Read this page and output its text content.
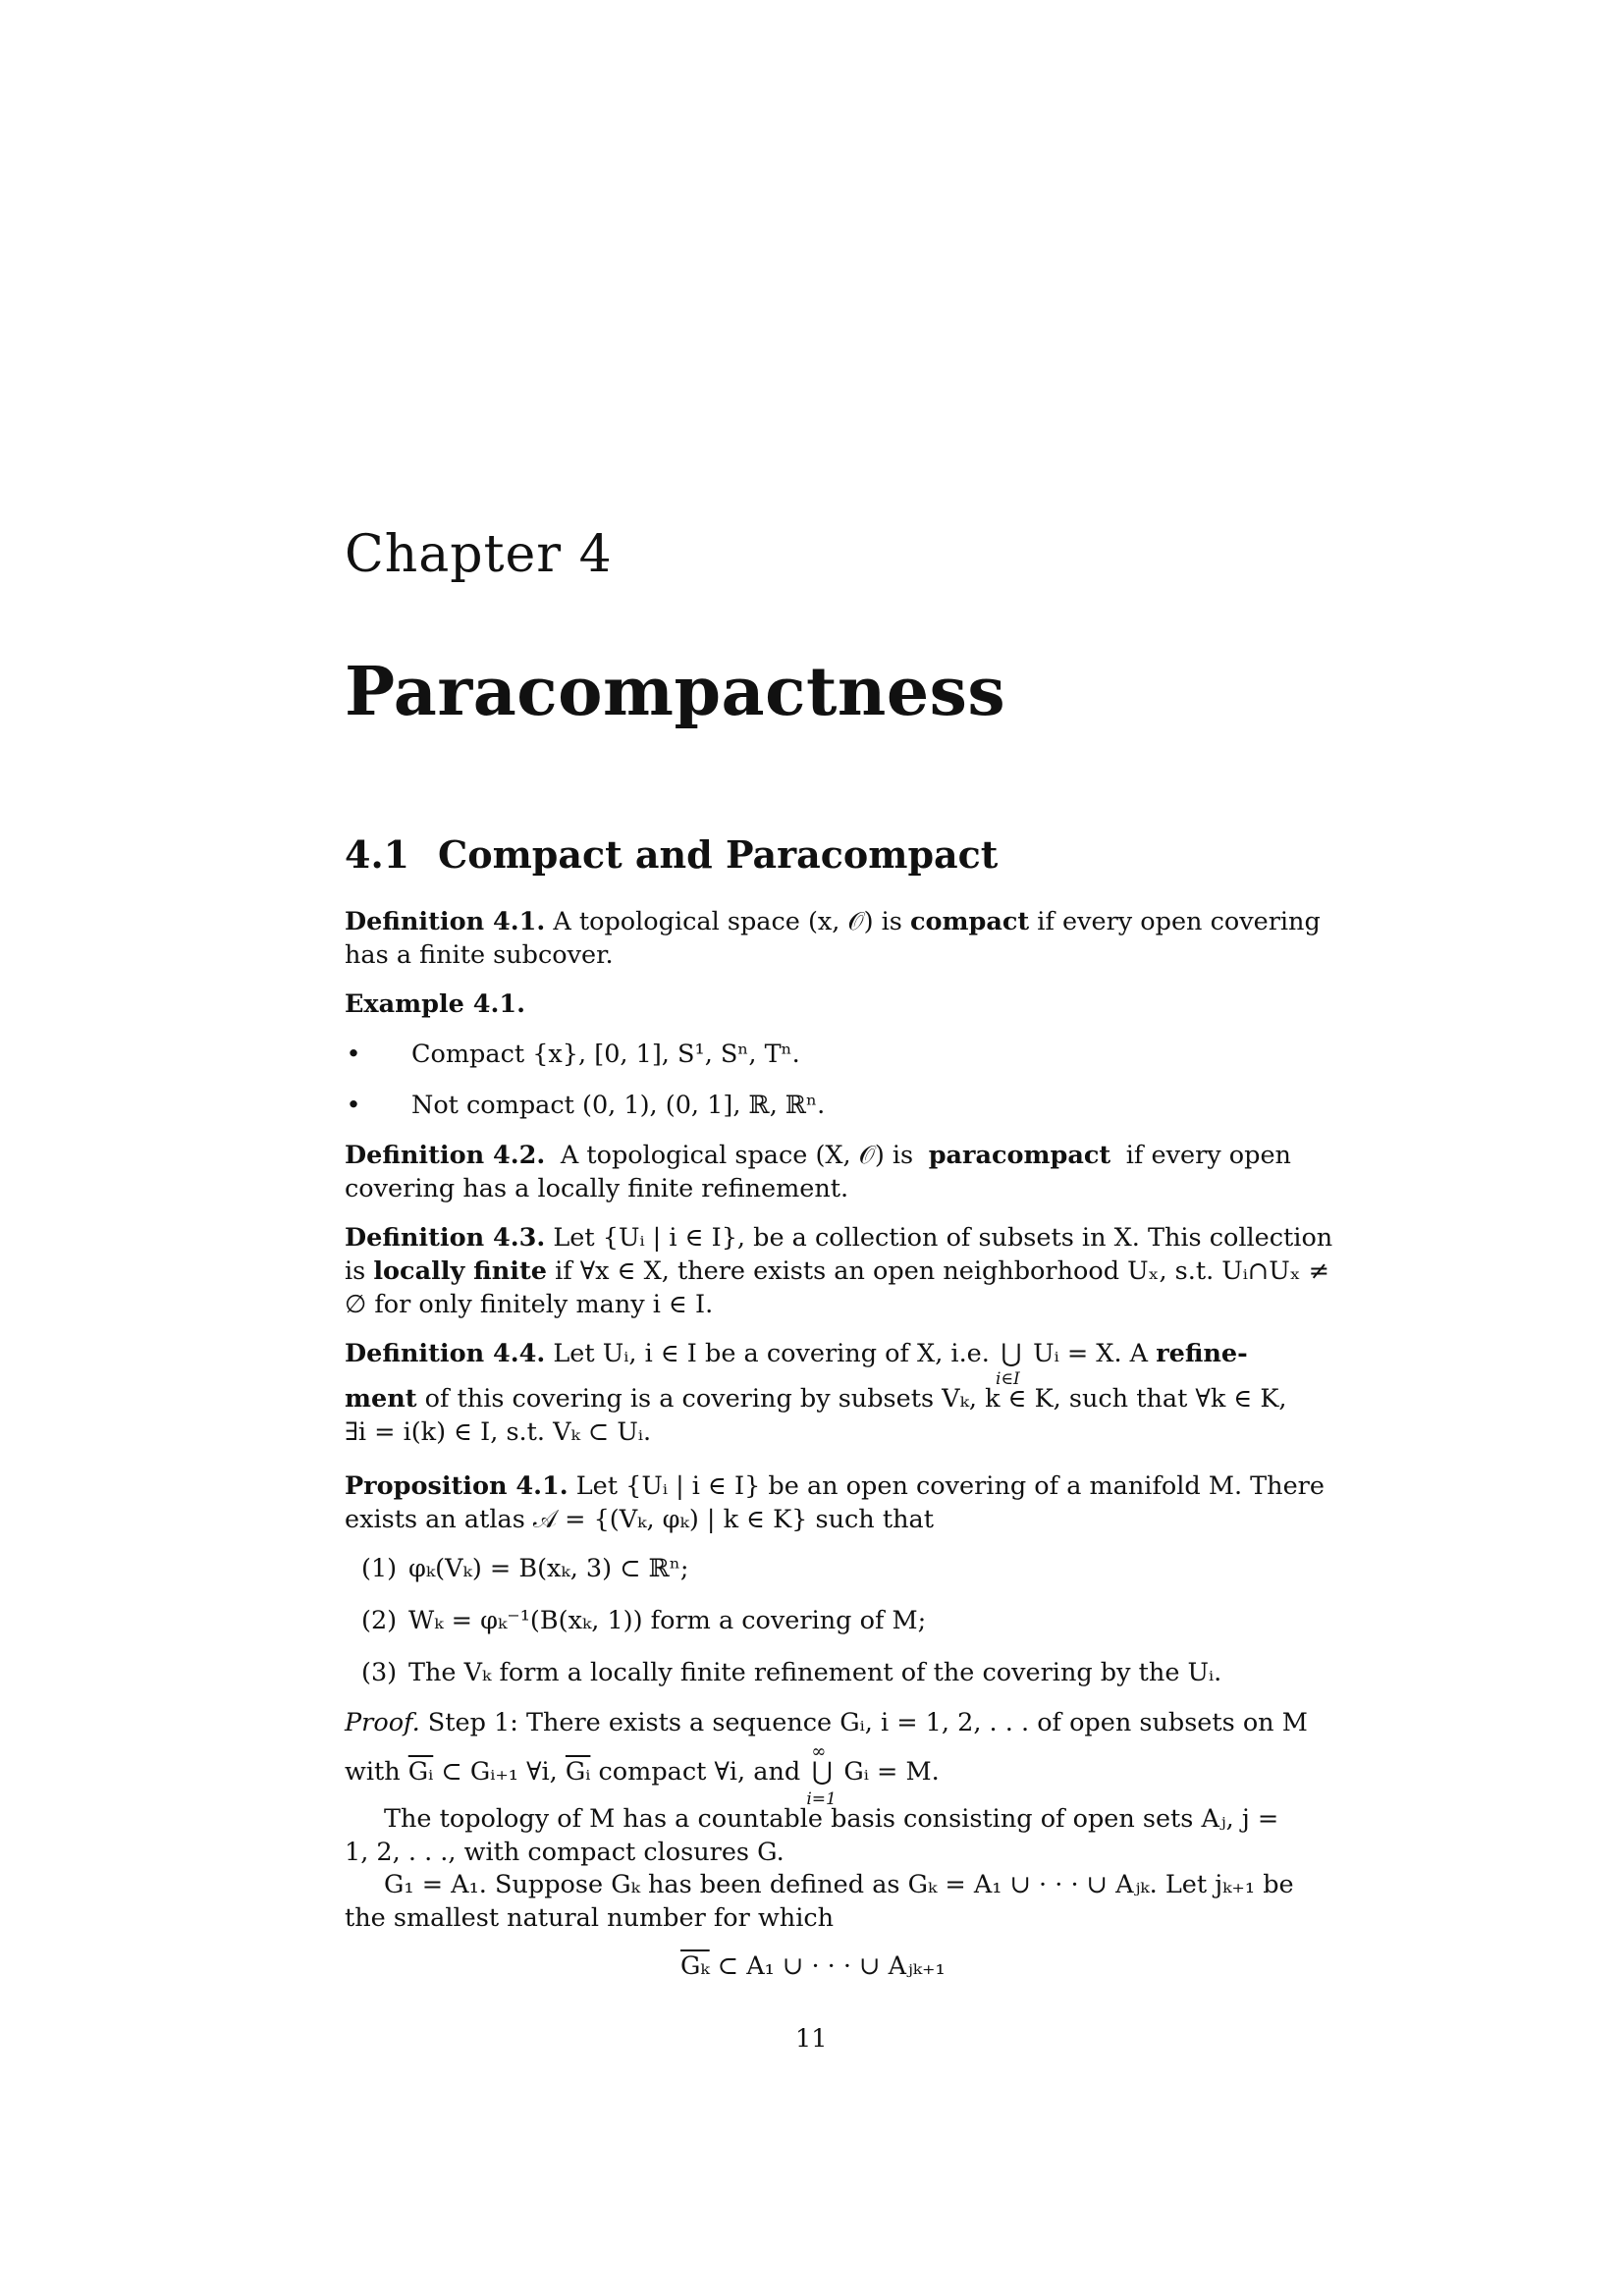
Chapter 4
Paracompactness
4.1 Compact and Paracompact
Definition 4.1. A topological space (x, 𝒪) is compact if every open covering
has a finite subcover.
Example 4.1.
• Compact {x}, [0, 1], S¹, Sⁿ, Tⁿ.
• Not compact (0, 1), (0, 1], ℝ, ℝⁿ.
Definition 4.2. A topological space (X, 𝒪) is paracompact if every open
covering has a locally finite refinement.
Definition 4.3. Let {Uᵢ | i ∈ I}, be a collection of subsets in X. This collection
is locally finite if ∀x ∈ X, there exists an open neighborhood Uₓ, s.t. Uᵢ∩Uₓ ≠
∅ for only finitely many i ∈ I.
Definition 4.4. Let Uᵢ, i ∈ I be a covering of X, i.e. ⋃
i∈I
Uᵢ = X. A refine-
ment of this covering is a covering by subsets Vₖ, k ∈ K, such that ∀k ∈ K,
∃i = i(k) ∈ I, s.t. Vₖ ⊂ Uᵢ.
Proposition 4.1. Let {Uᵢ | i ∈ I} be an open covering of a manifold M. There
exists an atlas 𝒜 = {(Vₖ, φₖ) | k ∈ K} such that
(1) φₖ(Vₖ) = B(xₖ, 3) ⊂ ℝⁿ;
(2) Wₖ = φₖ⁻¹(B(xₖ, 1)) form a covering of M;
(3) The Vₖ form a locally finite refinement of the covering by the Uᵢ.
Proof. Step 1: There exists a sequence Gᵢ, i = 1, 2, . . . of open subsets on M
with $\overline{Gᵢ}$ ⊂ Gᵢ₊₁ ∀i, $\overline{Gᵢ}$ compact ∀i, and ⋃
∞
i=1
Gᵢ = M.
The topology of M has a countable basis consisting of open sets Aⱼ, j =
1, 2, . . ., with compact closures G.
G₁ = A₁. Suppose Gₖ has been defined as Gₖ = A₁ ∪ · · · ∪ Aⱼₖ. Let jₖ₊₁ be
the smallest natural number for which
$\overline{G_k}$ ⊂ A₁ ∪ · · · ∪ Aⱼₖ₊₁
11
